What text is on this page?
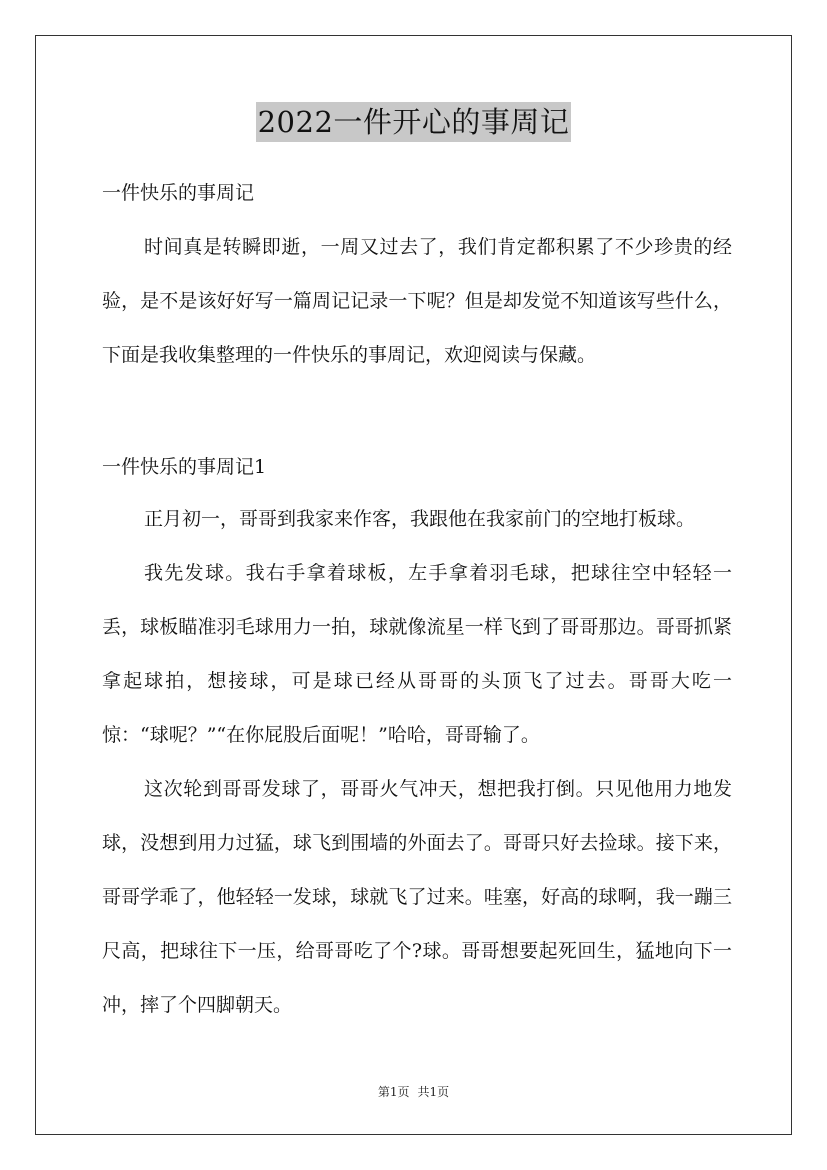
2022一件开心的事周记
一件快乐的事周记

时间真是转瞬即逝，一周又过去了，我们肯定都积累了不少珍贵的经验，是不是该好好写一篇周记记录一下呢？但是却发觉不知道该写些什么，下面是我收集整理的一件快乐的事周记，欢迎阅读与保藏。

一件快乐的事周记1

正月初一，哥哥到我家来作客，我跟他在我家前门的空地打板球。

我先发球。我右手拿着球板，左手拿着羽毛球，把球往空中轻轻一丢，球板瞄准羽毛球用力一拍，球就像流星一样飞到了哥哥那边。哥哥抓紧拿起球拍，想接球，可是球已经从哥哥的头顶飞了过去。哥哥大吃一惊：“球呢？”“在你屁股后面呢！”哈哈，哥哥输了。

这次轮到哥哥发球了，哥哥火气冲天，想把我打倒。只见他用力地发球，没想到用力过猛，球飞到围墙的外面去了。哥哥只好去捡球。接下来，哥哥学乖了，他轻轻一发球，球就飞了过来。哇塞，好高的球啊，我一蹦三尺高，把球往下一压，给哥哥吃了个?球。哥哥想要起死回生，猛地向下一冲，摔了个四脚朝天。

第1页 共1页
